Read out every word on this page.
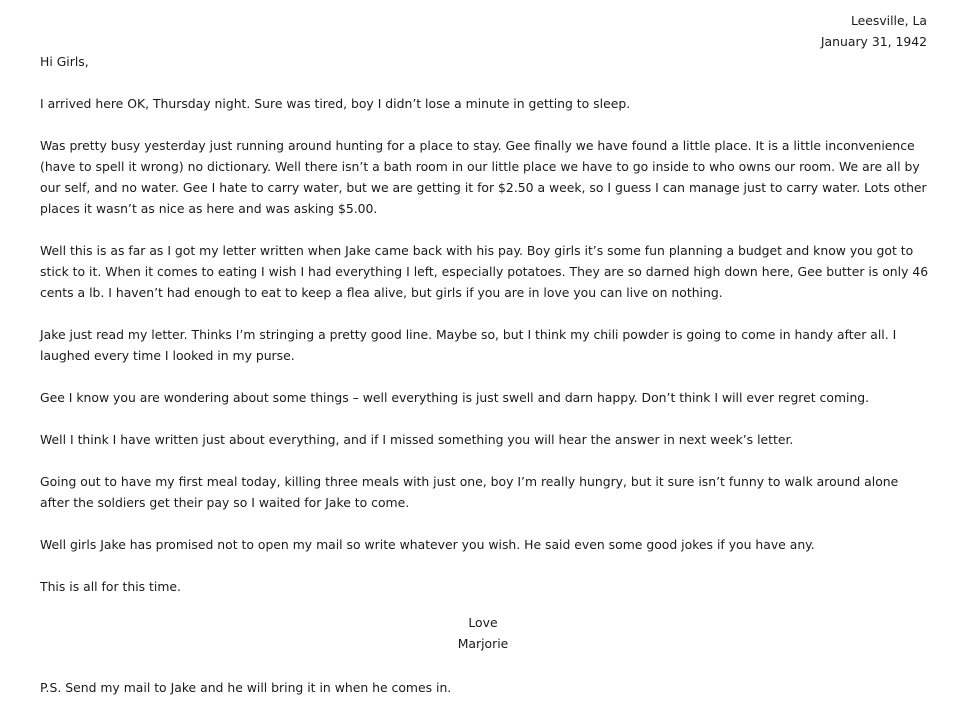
Leesville, La
January 31, 1942

Hi Girls,

I arrived here OK, Thursday night. Sure was tired, boy I didn’t lose a minute in getting to sleep.

Was pretty busy yesterday just running around hunting for a place to stay. Gee finally we have found a little place. It is a little inconvenience (have to spell it wrong) no dictionary. Well there isn’t a bath room in our little place we have to go inside to who owns our room. We are all by our self, and no water. Gee I hate to carry water, but we are getting it for $2.50 a week, so I guess I can manage just to carry water. Lots other places it wasn’t as nice as here and was asking $5.00.

Well this is as far as I got my letter written when Jake came back with his pay. Boy girls it’s some fun planning a budget and know you got to stick to it. When it comes to eating I wish I had everything I left, especially potatoes. They are so darned high down here, Gee butter is only 46 cents a lb. I haven’t had enough to eat to keep a flea alive, but girls if you are in love you can live on nothing.

Jake just read my letter. Thinks I’m stringing a pretty good line. Maybe so, but I think my chili powder is going to come in handy after all. I laughed every time I looked in my purse.

Gee I know you are wondering about some things – well everything is just swell and darn happy. Don’t think I will ever regret coming.

Well I think I have written just about everything, and if I missed something you will hear the answer in next week’s letter.

Going out to have my first meal today, killing three meals with just one, boy I’m really hungry, but it sure isn’t funny to walk around alone after the soldiers get their pay so I waited for Jake to come.

Well girls Jake has promised not to open my mail so write whatever you wish. He said even some good jokes if you have any.

This is all for this time.

Love
Marjorie
P.S. Send my mail to Jake and he will bring it in when he comes in.
